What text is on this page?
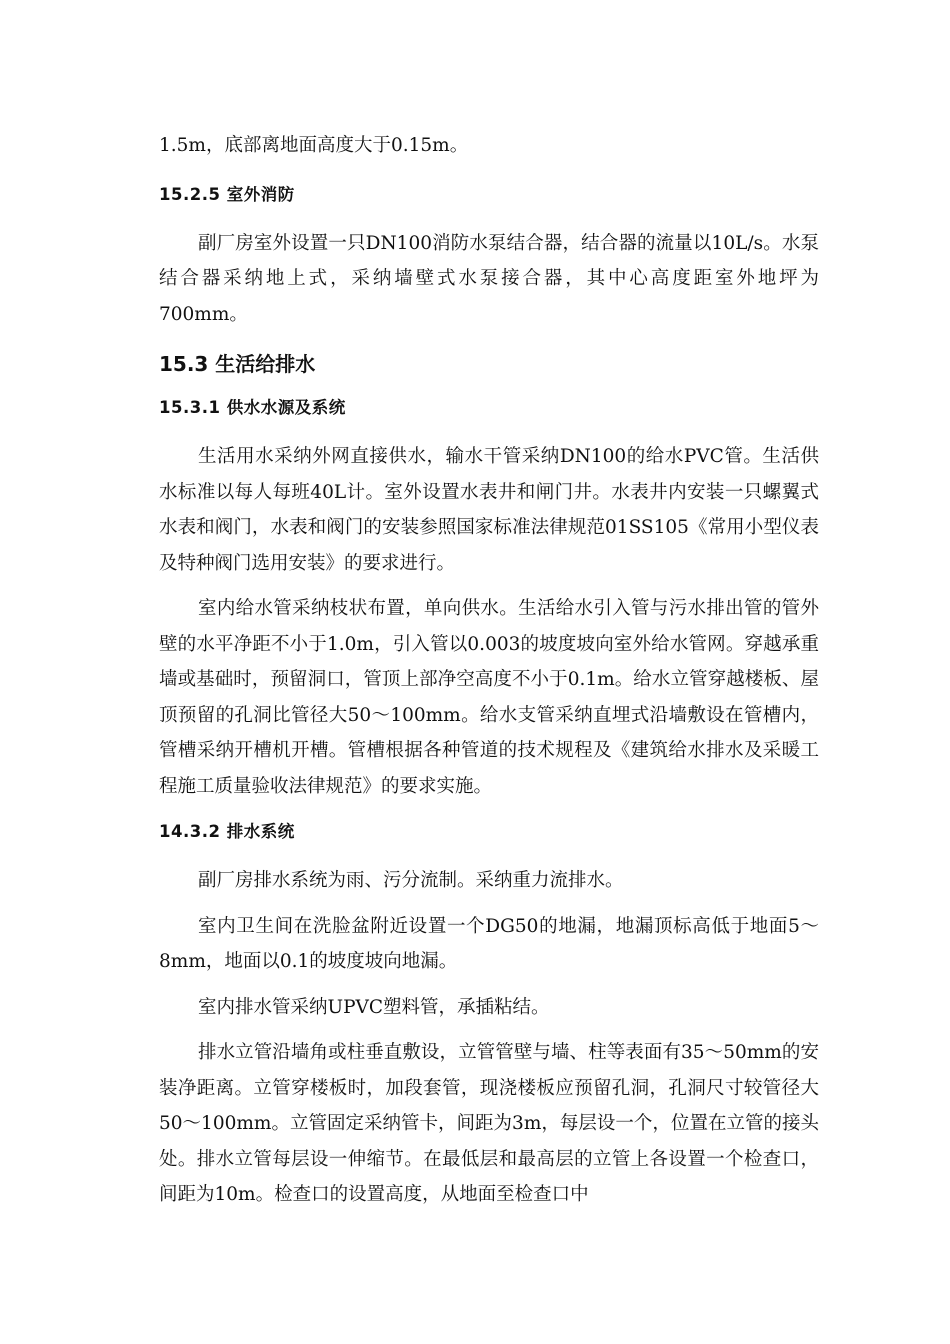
1.5m，底部离地面高度大于0.15m。

15.2.5 室外消防

副厂房室外设置一只DN100消防水泵结合器，结合器的流量以10L/s。水泵结合器采纳地上式，采纳墙壁式水泵接合器，其中心高度距室外地坪为700mm。

15.3 生活给排水
15.3.1 供水水源及系统

生活用水采纳外网直接供水，输水干管采纳DN100的给水PVC管。生活供水标准以每人每班40L计。室外设置水表井和闸门井。水表井内安装一只螺翼式水表和阀门，水表和阀门的安装参照国家标准法律规范01SS105《常用小型仪表及特种阀门选用安装》的要求进行。

室内给水管采纳枝状布置，单向供水。生活给水引入管与污水排出管的管外壁的水平净距不小于1.0m，引入管以0.003的坡度坡向室外给水管网。穿越承重墙或基础时，预留洞口，管顶上部净空高度不小于0.1m。给水立管穿越楼板、屋顶预留的孔洞比管径大50～100mm。给水支管采纳直埋式沿墙敷设在管槽内，管槽采纳开槽机开槽。管槽根据各种管道的技术规程及《建筑给水排水及采暖工程施工质量验收法律规范》的要求实施。

14.3.2 排水系统

副厂房排水系统为雨、污分流制。采纳重力流排水。

室内卫生间在洗脸盆附近设置一个DG50的地漏，地漏顶标高低于地面5～8mm，地面以0.1的坡度坡向地漏。

室内排水管采纳UPVC塑料管，承插粘结。

排水立管沿墙角或柱垂直敷设，立管管壁与墙、柱等表面有35～50mm的安装净距离。立管穿楼板时，加段套管，现浇楼板应预留孔洞，孔洞尺寸较管径大50～100mm。立管固定采纳管卡，间距为3m，每层设一个，位置在立管的接头处。排水立管每层设一伸缩节。在最低层和最高层的立管上各设置一个检查口，间距为10m。检查口的设置高度，从地面至检查口中
